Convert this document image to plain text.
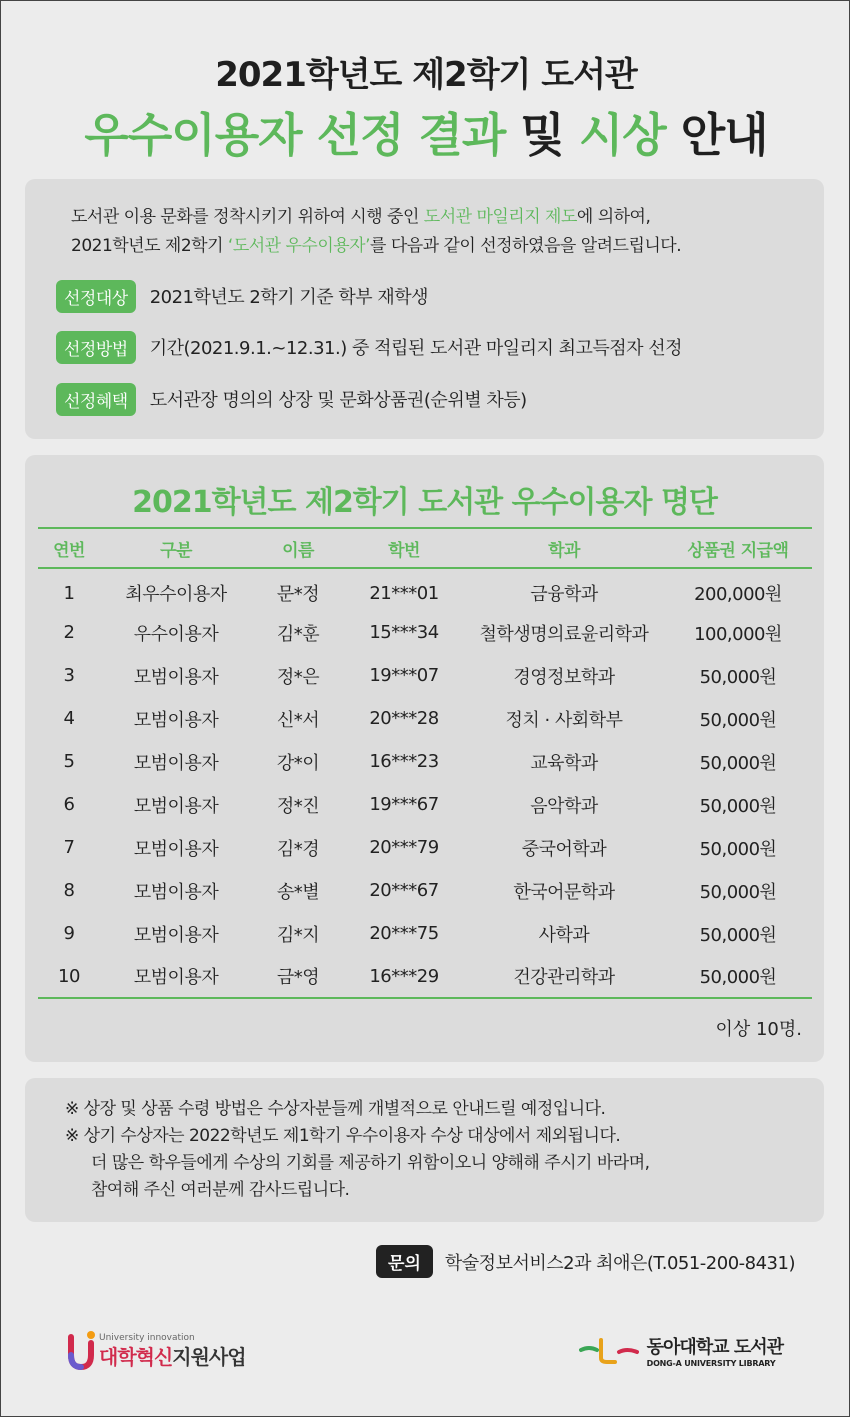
2021학년도 제2학기 도서관
우수이용자 선정 결과 및 시상 안내
도서관 이용 문화를 정착시키기 위하여 시행 중인 도서관 마일리지 제도에 의하여,
2021학년도 제2학기 ‘도서관 우수이용자’를 다음과 같이 선정하였음을 알려드립니다.
선정대상	2021학년도 2학기 기준 학부 재학생
선정방법	기간(2021.9.1.~12.31.) 중 적립된 도서관 마일리지 최고득점자 선정
선정혜택	도서관장 명의의 상장 및 문화상품권(순위별 차등)
2021학년도 제2학기 도서관 우수이용자 명단
연번	구분	이름	학번	학과	상품권 지급액
1	최우수이용자	문*정	21***01	금융학과	200,000원
2	우수이용자	김*훈	15***34	철학생명의료윤리학과	100,000원
3	모범이용자	정*은	19***07	경영정보학과	50,000원
4	모범이용자	신*서	20***28	정치 · 사회학부	50,000원
5	모범이용자	강*이	16***23	교육학과	50,000원
6	모범이용자	정*진	19***67	음악학과	50,000원
7	모범이용자	김*경	20***79	중국어학과	50,000원
8	모범이용자	송*별	20***67	한국어문학과	50,000원
9	모범이용자	김*지	20***75	사학과	50,000원
10	모범이용자	금*영	16***29	건강관리학과	50,000원
이상 10명.
※ 상장 및 상품 수령 방법은 수상자분들께 개별적으로 안내드릴 예정입니다.
※ 상기 수상자는 2022학년도 제1학기 우수이용자 수상 대상에서 제외됩니다.
더 많은 학우들에게 수상의 기회를 제공하기 위함이오니 양해해 주시기 바라며,
참여해 주신 여러분께 감사드립니다.
문의	학술정보서비스2과 최애은(T.051-200-8431)
University innovation
대학혁신지원사업	동아대학교 도서관
DONG-A UNIVERSITY LIBRARY
